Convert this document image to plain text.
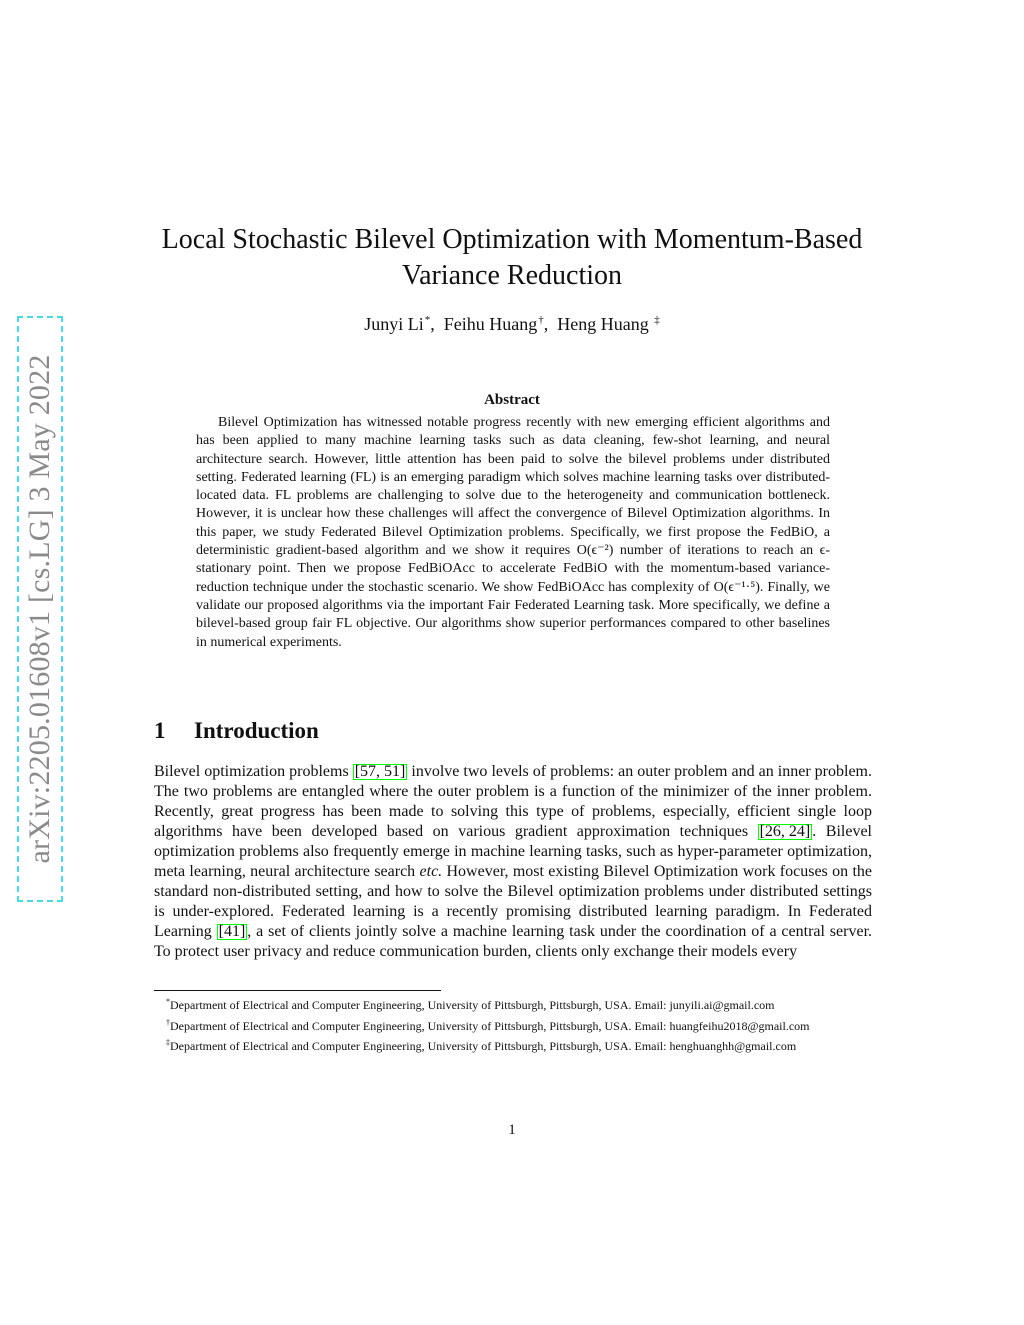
arXiv:2205.01608v1 [cs.LG] 3 May 2022
Local Stochastic Bilevel Optimization with Momentum-Based Variance Reduction
Junyi Li*,  Feihu Huang†,  Heng Huang ‡
Abstract

Bilevel Optimization has witnessed notable progress recently with new emerging efficient algorithms and has been applied to many machine learning tasks such as data cleaning, few-shot learning, and neural architecture search. However, little attention has been paid to solve the bilevel problems under distributed setting. Federated learning (FL) is an emerging paradigm which solves machine learning tasks over distributed-located data. FL problems are challenging to solve due to the heterogeneity and communication bottleneck. However, it is unclear how these challenges will affect the convergence of Bilevel Optimization algorithms. In this paper, we study Federated Bilevel Optimization problems. Specifically, we first propose the FedBiO, a deterministic gradient-based algorithm and we show it requires O(ϵ⁻²) number of iterations to reach an ϵ-stationary point. Then we propose FedBiOAcc to accelerate FedBiO with the momentum-based variance-reduction technique under the stochastic scenario. We show FedBiOAcc has complexity of O(ϵ⁻¹·⁵). Finally, we validate our proposed algorithms via the important Fair Federated Learning task. More specifically, we define a bilevel-based group fair FL objective. Our algorithms show superior performances compared to other baselines in numerical experiments.

1 Introduction

Bilevel optimization problems [57, 51] involve two levels of problems: an outer problem and an inner problem. The two problems are entangled where the outer problem is a function of the minimizer of the inner problem. Recently, great progress has been made to solving this type of problems, especially, efficient single loop algorithms have been developed based on various gradient approximation techniques [26, 24] . Bilevel optimization problems also frequently emerge in machine learning tasks, such as hyper-parameter optimization, meta learning, neural architecture search etc. However, most existing Bilevel Optimization work focuses on the standard non-distributed setting, and how to solve the Bilevel optimization problems under distributed settings is under-explored. Federated learning is a recently promising distributed learning paradigm. In Federated Learning [41] , a set of clients jointly solve a machine learning task under the coordination of a central server. To protect user privacy and reduce communication burden, clients only exchange their models every

*Department of Electrical and Computer Engineering, University of Pittsburgh, Pittsburgh, USA. Email: junyili.ai@gmail.com

†Department of Electrical and Computer Engineering, University of Pittsburgh, Pittsburgh, USA. Email: huangfeihu2018@gmail.com

‡Department of Electrical and Computer Engineering, University of Pittsburgh, Pittsburgh, USA. Email: henghuanghh@gmail.com

1
